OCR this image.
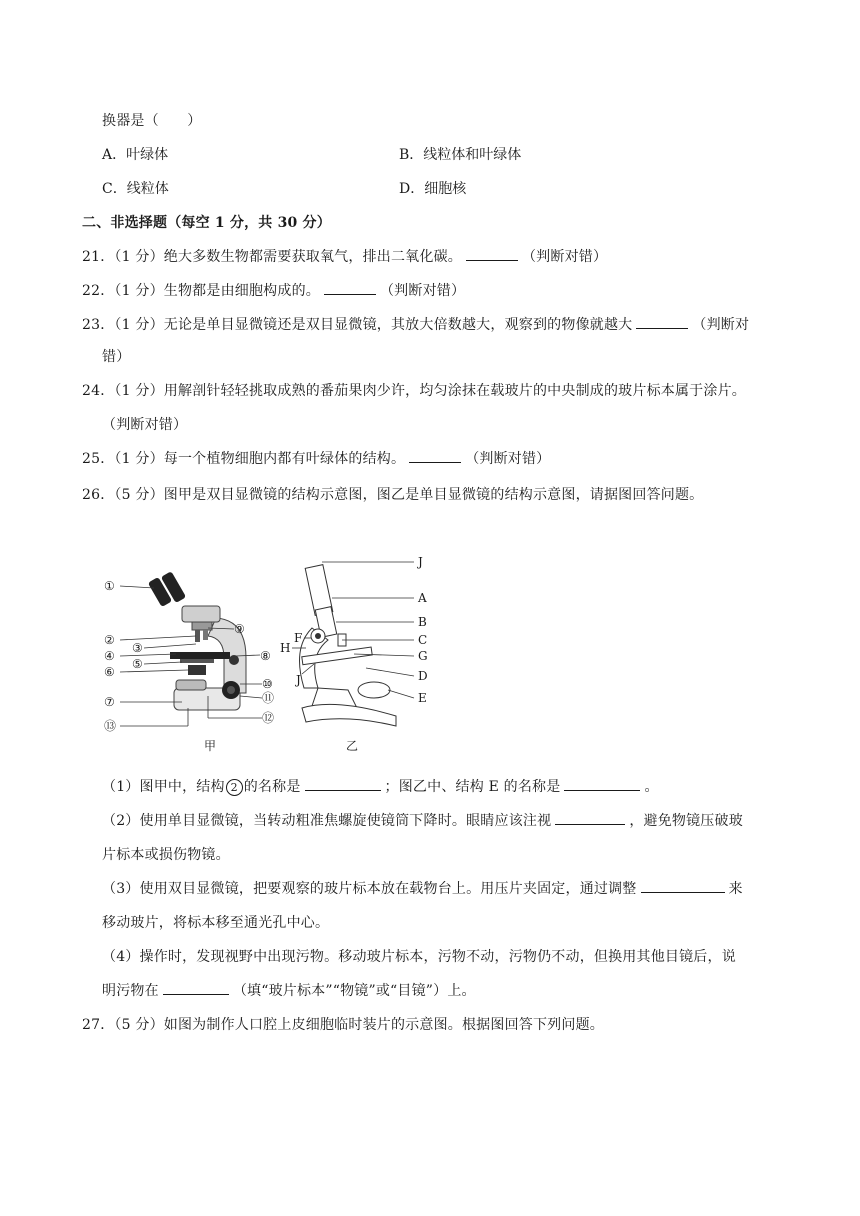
换器是（　　）
A．叶绿体	B．线粒体和叶绿体
C．线粒体	D．细胞核
二、非选择题（每空 1 分，共 30 分）
21．（1 分）绝大多数生物都需要获取氧气，排出二氧化碳。	（判断对错）
22．（1 分）生物都是由细胞构成的。	（判断对错）
23．（1 分）无论是单目显微镜还是双目显微镜，其放大倍数越大，观察到的物像就越大	（判断对
错）
24．（1 分）用解剖针轻轻挑取成熟的番茄果肉少许，均匀涂抹在载玻片的中央制成的玻片标本属于涂片。
（判断对错）
25．（1 分）每一个植物细胞内都有叶绿体的结构。	（判断对错）
26．（5 分）图甲是双目显微镜的结构示意图，图乙是单目显微镜的结构示意图，请据图回答问题。
①
②
③
④
⑤
⑥
⑦
⑧
⑨
⑩
⑪
⑫
⑬
甲
J
A
B
C
G
D
E
F
H
J
乙
（1）图甲中，结构 2 的名称是	；图乙中、结构 E 的名称是	。
（2）使用单目显微镜，当转动粗准焦螺旋使镜筒下降时。眼睛应该注视	，避免物镜压破玻
片标本或损伤物镜。
（3）使用双目显微镜，把要观察的玻片标本放在载物台上。用压片夹固定，通过调整	来
移动玻片，将标本移至通光孔中心。
（4）操作时，发现视野中出现污物。移动玻片标本，污物不动，污物仍不动，但换用其他目镜后，说
明污物在	（填“玻片标本”“物镜”或“目镜”）上。
27．（5 分）如图为制作人口腔上皮细胞临时装片的示意图。根据图回答下列问题。
